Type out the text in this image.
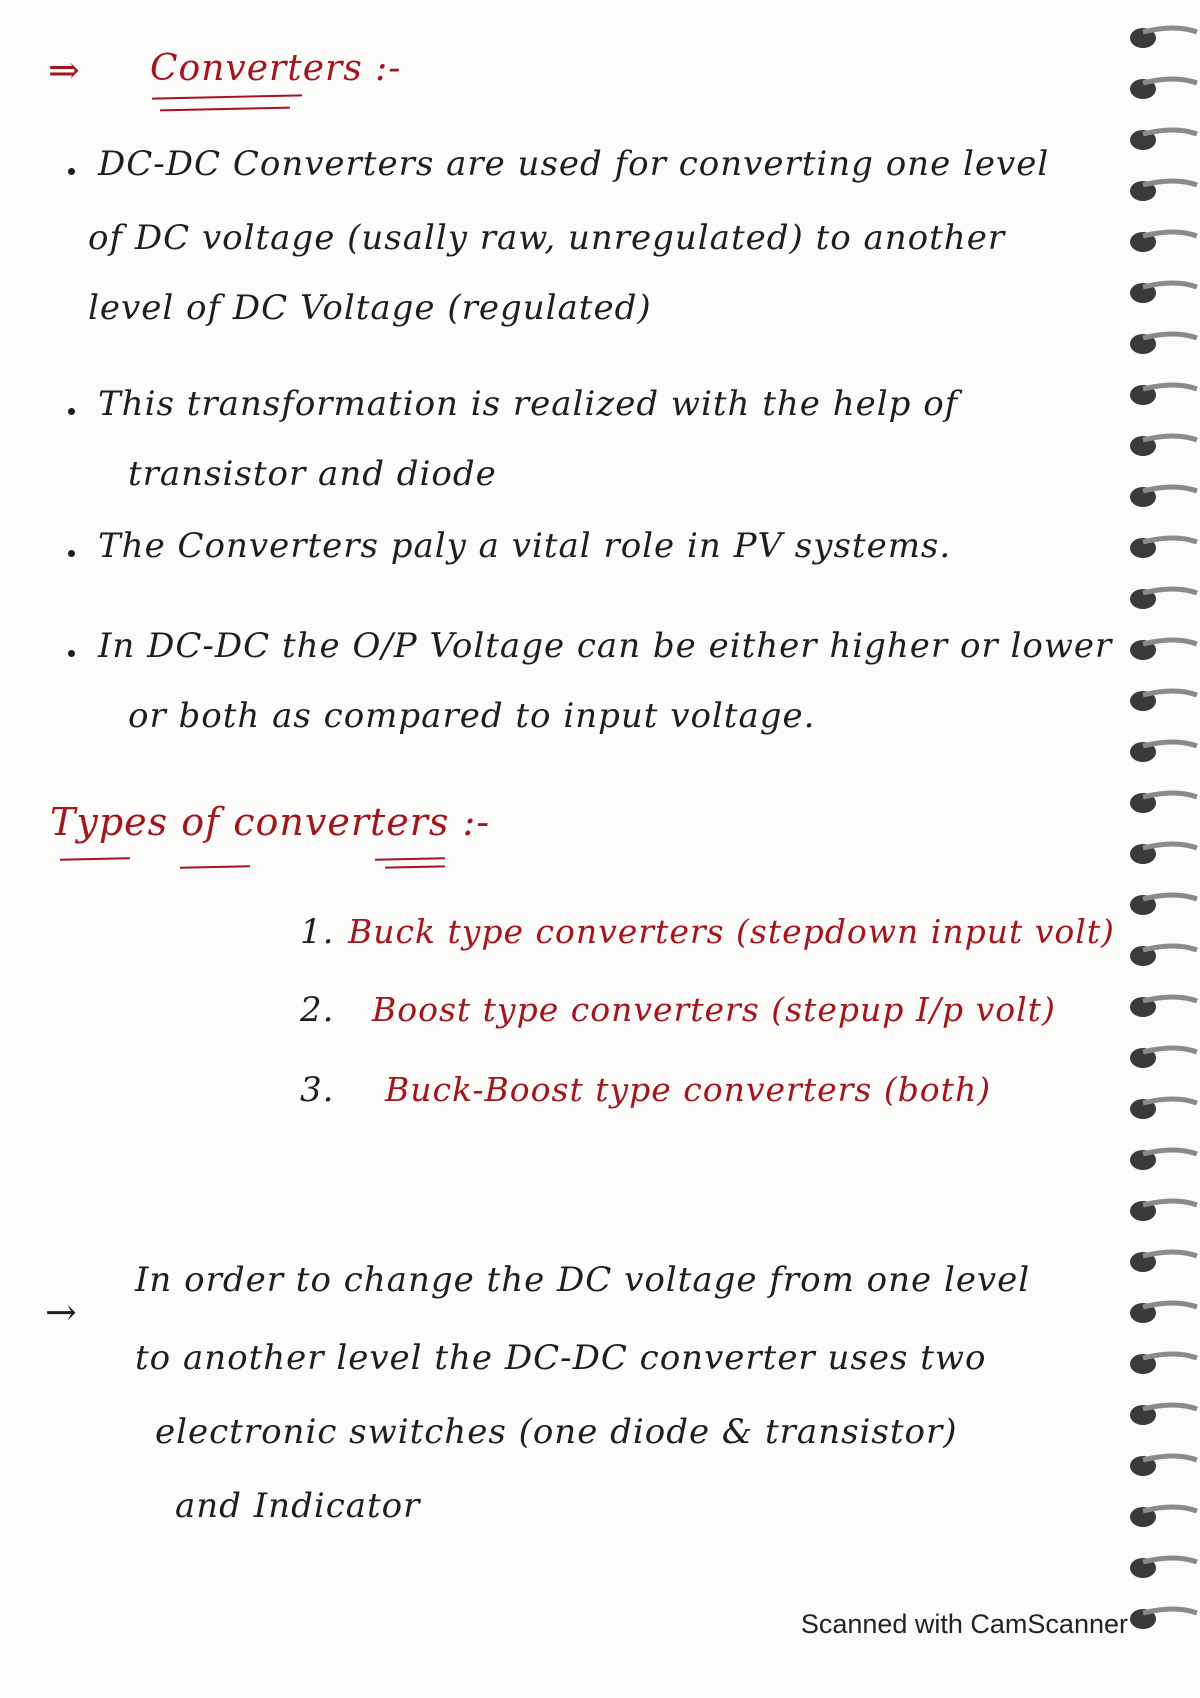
⇒ Converters :-
DC-DC Converters are used for converting one level
of DC voltage (usally raw, unregulated) to another
level of DC Voltage (regulated)
This transformation is realized with the help of
transistor and diode
The Converters paly a vital role in PV systems.
In DC-DC the O/P Voltage can be either higher or lower
or both as compared to input voltage.
Types of converters :-
1. Buck type converters (stepdown input volt)
2. Boost type converters (stepup I/p volt)
3. Buck-Boost type converters (both)
→
In order to change the DC voltage from one level
to another level the DC-DC converter uses two
electronic switches (one diode & transistor)
and Indicator
Scanned with CamScanner
